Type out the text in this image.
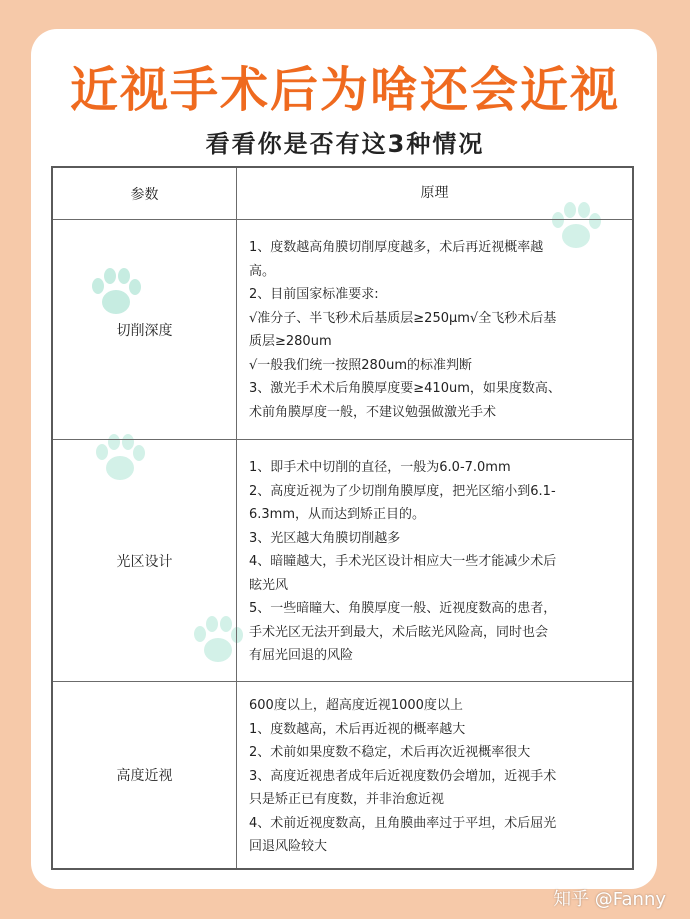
近视手术后为啥还会近视
看看你是否有这3种情况
参数	原理
切削深度
1、度数越高角膜切削厚度越多，术后再近视概率越
高。
2、目前国家标准要求:
√准分子、半飞秒术后基质层≥250μm√全飞秒术后基
质层≥280um
√一般我们统一按照280um的标准判断
3、激光手术术后角膜厚度要≥410um，如果度数高、
术前角膜厚度一般，不建议勉强做激光手术
光区设计
1、即手术中切削的直径，一般为6.0-7.0mm
2、高度近视为了少切削角膜厚度，把光区缩小到6.1-
6.3mm，从而达到矫正目的。
3、光区越大角膜切削越多
4、暗瞳越大，手术光区设计相应大一些才能减少术后
眩光风
5、一些暗瞳大、角膜厚度一般、近视度数高的患者，
手术光区无法开到最大，术后眩光风险高，同时也会
有屈光回退的风险
高度近视
600度以上，超高度近视1000度以上
1、度数越高，术后再近视的概率越大
2、术前如果度数不稳定，术后再次近视概率很大
3、高度近视患者成年后近视度数仍会增加，近视手术
只是矫正已有度数，并非治愈近视
4、术前近视度数高，且角膜曲率过于平坦，术后屈光
回退风险较大
知乎 @Fanny
